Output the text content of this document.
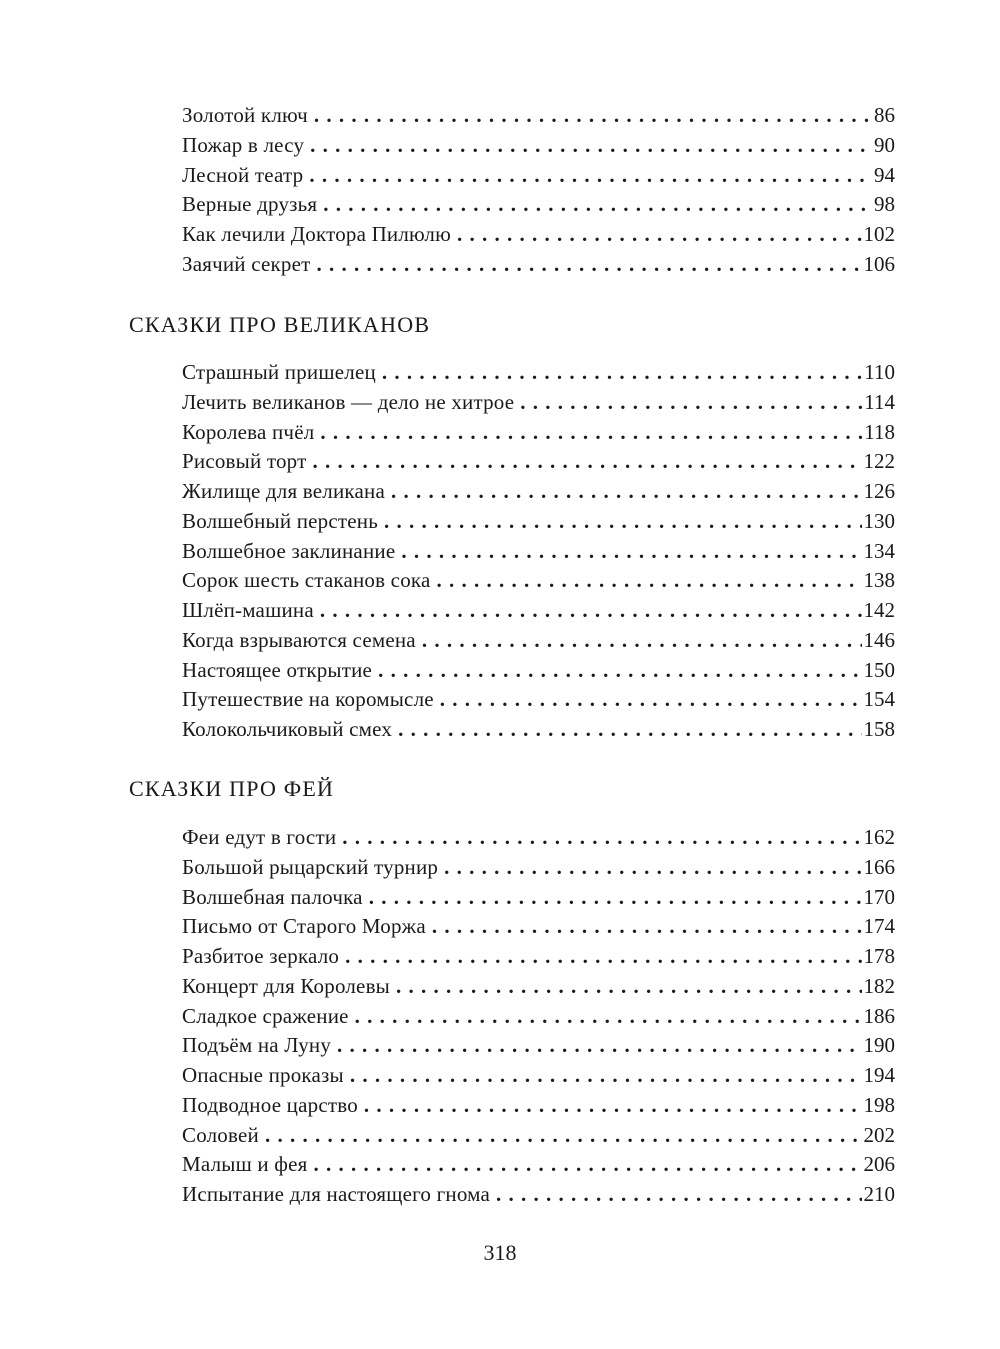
Золотой ключ . . .	86
Пожар в лесу . . .	90
Лесной театр . . .	94
Верные друзья . . .	98
Как лечили Доктора Пилюлю . . .	102
Заячий секрет . . .	106
СКАЗКИ ПРО ВЕЛИКАНОВ
Страшный пришелец . . .	110
Лечить великанов — дело не хитрое . . .	114
Королева пчёл . . .	118
Рисовый торт . . .	122
Жилище для великана . . .	126
Волшебный перстень . . .	130
Волшебное заклинание . . .	134
Сорок шесть стаканов сока . . .	138
Шлёп-машина . . .	142
Когда взрываются семена . . .	146
Настоящее открытие . . .	150
Путешествие на коромысле . . .	154
Колокольчиковый смех . . .	158
СКАЗКИ ПРО ФЕЙ
Феи едут в гости . . .	162
Большой рыцарский турнир . . .	166
Волшебная палочка . . .	170
Письмо от Старого Моржа . . .	174
Разбитое зеркало . . .	178
Концерт для Королевы . . .	182
Сладкое сражение . . .	186
Подъём на Луну . . .	190
Опасные проказы . . .	194
Подводное царство . . .	198
Соловей . . .	202
Малыш и фея . . .	206
Испытание для настоящего гнома . . .	210
318
